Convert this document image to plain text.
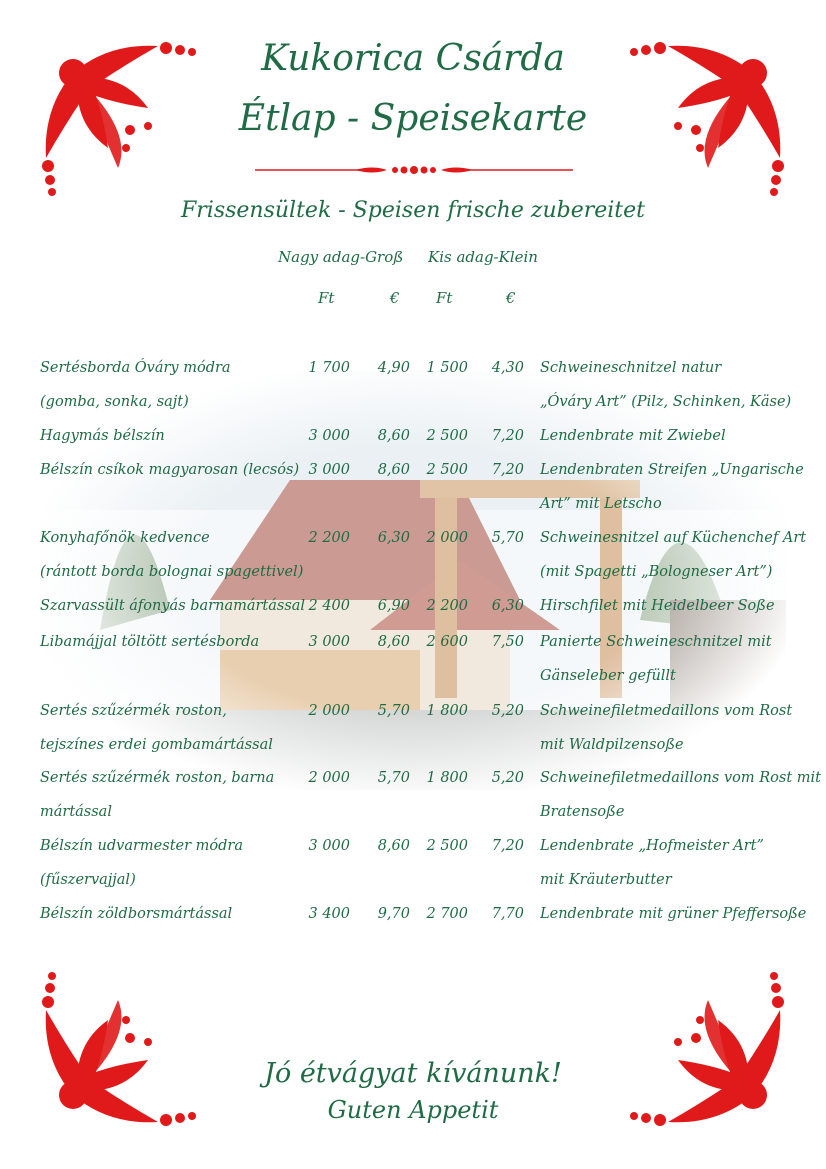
Kukorica Csárda
Étlap - Speisekarte
Frissensültek - Speisen frische zubereitet
Nagy adag-Groß Kis adag-Klein
Ft	€ Ft	€
Sertésborda Óváry módra	1 700	4,90	1 500	4,30 Schweineschnitzel natur
(gomba, sonka, sajt)	„Óváry Art” (Pilz, Schinken, Käse)
Hagymás bélszín	3 000	8,60	2 500	7,20 Lendenbrate mit Zwiebel
Bélszín csíkok magyarosan (lecsós) 3 000	8,60	2 500	7,20 Lendenbraten Streifen „Ungarische
Art” mit Letscho
Konyhafőnök kedvence	2 200	6,30	2 000	5,70 Schweinesnitzel auf Küchenchef Art
(rántott borda bolognai spagettivel)	(mit Spagetti „Bologneser Art”)
Szarvassült áfonyás barnamártással 2 400	6,90	2 200	6,30 Hirschfilet mit Heidelbeer Soße
Libamájjal töltött sertésborda	3 000	8,60	2 600	7,50 Panierte Schweineschnitzel mit
Gänseleber gefüllt
Sertés szűzérmék roston,	2 000	5,70	1 800	5,20 Schweinefiletmedaillons vom Rost
tejszínes erdei gombamártással	mit Waldpilzensoße
Sertés szűzérmék roston, barna	2 000	5,70	1 800	5,20 Schweinefiletmedaillons vom Rost mit
mártással	Bratensoße
Bélszín udvarmester módra	3 000	8,60	2 500	7,20 Lendenbrate „Hofmeister Art”
(fűszervajjal)	mit Kräuterbutter
Bélszín zöldborsmártással	3 400	9,70	2 700	7,70 Lendenbrate mit grüner Pfeffersoße
Jó étvágyat kívánunk!
Guten Appetit
